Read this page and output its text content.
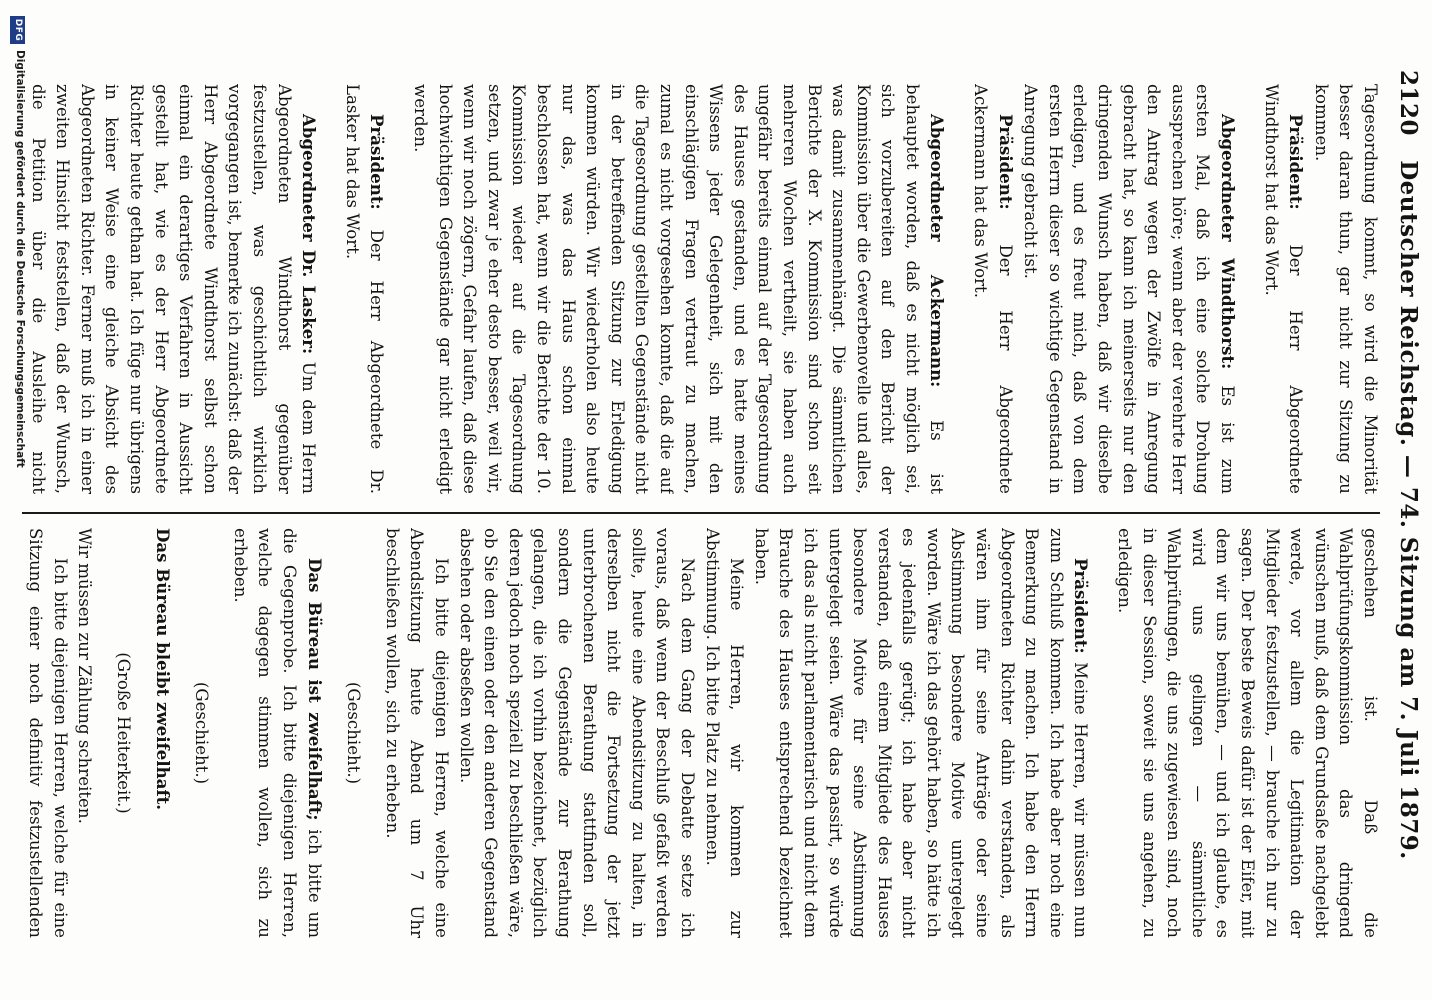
2120
Deutscher Reichstag. — 74. Sitzung am 7. Juli 1879.

Tagesordnung kommt, so wird die Minorität besser daran thun, gar nicht zur Sitzung zu kommen.

Präsident: Der Herr Abgeordnete Windthorst hat das Wort.

Abgeordneter Windthorst: Es ist zum ersten Mal, daß ich eine solche Drohung aussprechen höre; wenn aber der verehrte Herr den Antrag wegen der Zwölfe in Anregung gebracht hat, so kann ich meinerseits nur den dringenden Wunsch haben, daß wir dieselbe erledigen, und es freut mich, daß von dem ersten Herrn dieser so wichtige Gegenstand in Anregung gebracht ist.

Präsident: Der Herr Abgeordnete Ackermann hat das Wort.

Abgeordneter Ackermann: Es ist behauptet worden, daß es nicht möglich sei, sich vorzubereiten auf den Bericht der Kommission über die Gewerbenovelle und alles, was damit zusammenhängt. Die sämmtlichen Berichte der X. Kommission sind schon seit mehreren Wochen vertheilt, sie haben auch ungefähr bereits einmal auf der Tagesordnung des Hauses gestanden, und es hatte meines Wissens jeder Gelegenheit, sich mit den einschlägigen Fragen vertraut zu machen, zumal es nicht vorgesehen konnte, daß die auf die Tagesordnung gestellten Gegenstände nicht in der betreffenden Sitzung zur Erledigung kommen würden. Wir wiederholen also heute nur das, was das Haus schon einmal beschlossen hat, wenn wir die Berichte der 10. Kommission wieder auf die Tagesordnung setzen, und zwar je eher desto besser, weil wir, wenn wir noch zögern, Gefahr laufen, daß diese hochwichtigen Gegenstände gar nicht erledigt werden.

Präsident: Der Herr Abgeordnete Dr. Lasker hat das Wort.

Abgeordneter Dr. Lasker: Um dem Herrn Abgeordneten Windthorst gegenüber festzustellen, was geschichtlich wirklich vorgegangen ist, bemerke ich zunächst: daß der Herr Abgeordnete Windthorst selbst schon einmal ein derartiges Verfahren in Aussicht gestellt hat, wie es der Herr Abgeordnete Richter heute gethan hat. Ich füge nur übrigens in keiner Weise eine gleiche Absicht des Abgeordneten Richter. Ferner muß ich in einer zweiten Hinsicht feststellen, daß der Wunsch, die Petition über die Ausleihe nicht

geschehen ist. Daß die Wahlprüfungskommission das dringend wünschen muß, daß dem Grundsaße nachgelebt werde, vor allem die Legitimation der Mitglieder festzustellen, — brauche ich nur zu sagen. Der beste Beweis dafür ist der Eifer, mit dem wir uns bemühen, — und ich glaube, es wird uns gelingen — sämmtliche Wahlprüfungen, die uns zugewiesen sind, noch in dieser Session, soweit sie uns angehen, zu erledigen.

Präsident: Meine Herren, wir müssen nun zum Schluß kommen. Ich habe aber noch eine Bemerkung zu machen. Ich habe den Herrn Abgeordneten Richter dahin verstanden, als wären ihm für seine Anträge oder seine Abstimmung besondere Motive untergelegt worden. Wäre ich das gehört haben, so hätte ich es jedenfalls gerügt; ich habe aber nicht verstanden, daß einem Mitgliede des Hauses besondere Motive für seine Abstimmung untergelegt seien. Wäre das passirt, so würde ich das als nicht parlamentarisch und nicht dem Brauche des Hauses entsprechend bezeichnet haben.

Meine Herren, wir kommen zur Abstimmung. Ich bitte Platz zu nehmen.

Nach dem Gang der Debatte setze ich voraus, daß wenn der Beschluß gefaßt werden sollte, heute eine Abendsitzung zu halten, in derselben nicht die Fortsetzung der jetzt unterbrochenen Berathung stattfinden soll, sondern die Gegenstände zur Berathung gelangen, die ich vorhin bezeichnet, bezüglich deren jedoch noch speziell zu beschließen wäre, ob Sie den einen oder den anderen Gegenstand absehen oder abseßen wollen.

Ich bitte diejenigen Herren, welche eine Abendsitzung heute Abend um 7 Uhr beschließen wollen, sich zu erheben.

(Geschieht.)

Das Büreau ist zweifelhaft; ich bitte um die Gegenprobe. Ich bitte diejenigen Herren, welche dagegen stimmen wollen, sich zu erheben.

(Geschieht.)

Das Büreau bleibt zweifelhaft.

(Große Heiterkeit.)

Wir müssen zur Zählung schreiten.

Ich bitte diejenigen Herren, welche für eine Sitzung einer noch definitiv festzustellenden

DFG
Digitalisierung gefördert durch die Deutsche Forschungsgemeinschaft
